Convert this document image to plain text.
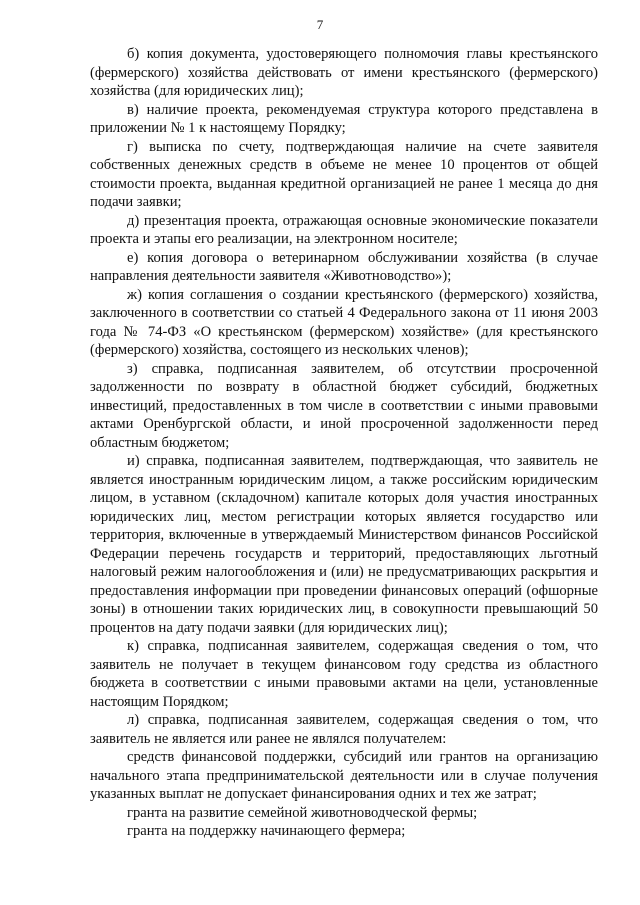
7

б) копия документа, удостоверяющего полномочия главы крестьянского (фермерского) хозяйства действовать от имени крестьянского (фермерского) хозяйства (для юридических лиц);

в) наличие проекта, рекомендуемая структура которого представлена в приложении № 1 к настоящему Порядку;

г) выписка по счету, подтверждающая наличие на счете заявителя собственных денежных средств в объеме не менее 10 процентов от общей стоимости проекта, выданная кредитной организацией не ранее 1 месяца до дня подачи заявки;

д) презентация проекта, отражающая основные экономические показатели проекта и этапы его реализации, на электронном носителе;

е) копия договора о ветеринарном обслуживании хозяйства (в случае направления деятельности заявителя «Животноводство»);

ж) копия соглашения о создании крестьянского (фермерского) хозяйства, заключенного в соответствии со статьей 4 Федерального закона от 11 июня 2003 года № 74-ФЗ «О крестьянском (фермерском) хозяйстве» (для крестьянского (фермерского) хозяйства, состоящего из нескольких членов);

з) справка, подписанная заявителем, об отсутствии просроченной задолженности по возврату в областной бюджет субсидий, бюджетных инвестиций, предоставленных в том числе в соответствии с иными правовыми актами Оренбургской области, и иной просроченной задолженности перед областным бюджетом;

и) справка, подписанная заявителем, подтверждающая, что заявитель не является иностранным юридическим лицом, а также российским юридическим лицом, в уставном (складочном) капитале которых доля участия иностранных юридических лиц, местом регистрации которых является государство или территория, включенные в утверждаемый Министерством финансов Российской Федерации перечень государств и территорий, предоставляющих льготный налоговый режим налогообложения и (или) не предусматривающих раскрытия и предоставления информации при проведении финансовых операций (офшорные зоны) в отношении таких юридических лиц, в совокупности превышающий 50 процентов на дату подачи заявки (для юридических лиц);

к) справка, подписанная заявителем, содержащая сведения о том, что заявитель не получает в текущем финансовом году средства из областного бюджета в соответствии с иными правовыми актами на цели, установленные настоящим Порядком;

л) справка, подписанная заявителем, содержащая сведения о том, что заявитель не является или ранее не являлся получателем:

средств финансовой поддержки, субсидий или грантов на организацию начального этапа предпринимательской деятельности или в случае получения указанных выплат не допускает финансирования одних и тех же затрат;

гранта на развитие семейной животноводческой фермы;

гранта на поддержку начинающего фермера;
